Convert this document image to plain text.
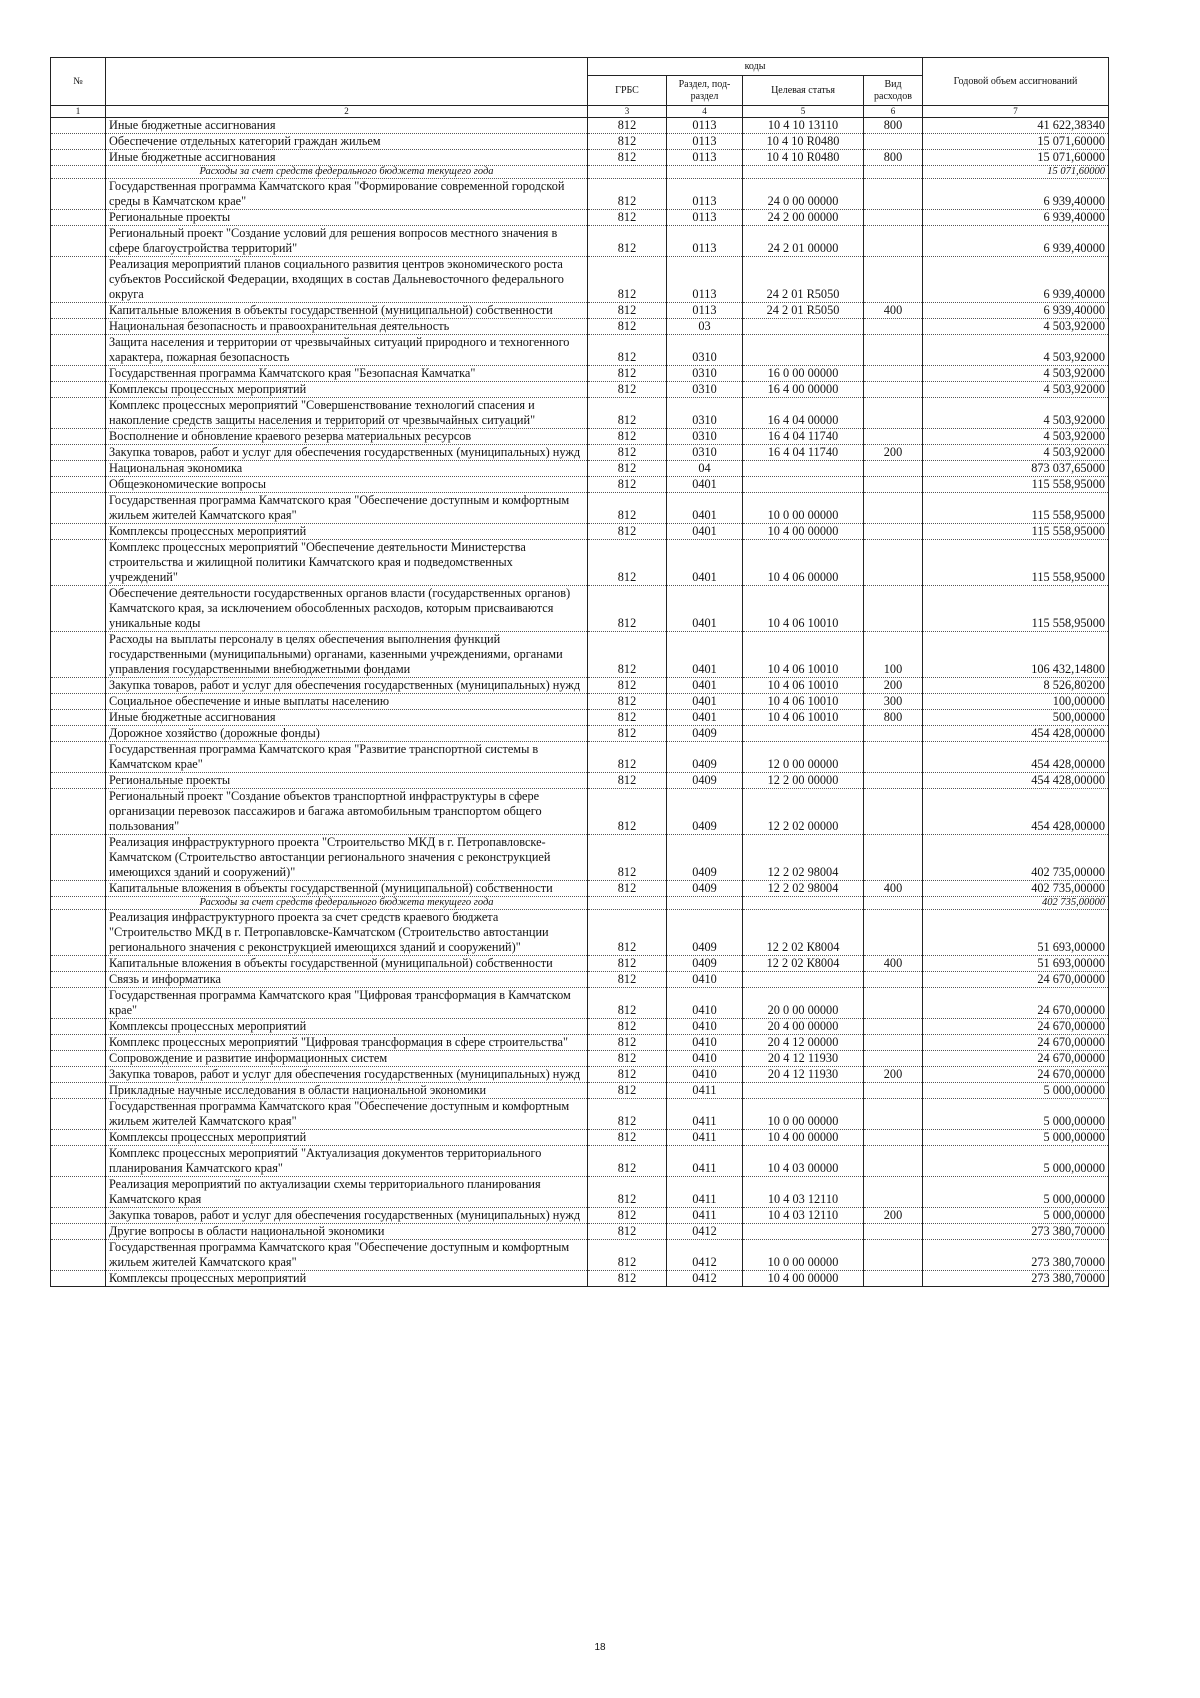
№		коды				Годовой объем ассигнований
		ГРБС	Раздел, под-раздел	Целевая статья	Вид расходов	
1	2	3	4	5	6	7
	Иные бюджетные ассигнования	812	0113	10 4 10 13110	800	41 622,38340
	Обеспечение отдельных категорий граждан жильем	812	0113	10 4 10 R0480		15 071,60000
	Иные бюджетные ассигнования	812	0113	10 4 10 R0480	800	15 071,60000
	Расходы за счет средств федерального бюджета текущего года					15 071,60000
	Государственная программа Камчатского края "Формирование современной городской среды в Камчатском крае"	812	0113	24 0 00 00000		6 939,40000
	Региональные проекты	812	0113	24 2 00 00000		6 939,40000
	Региональный проект "Создание условий для решения вопросов местного значения в сфере благоустройства территорий"	812	0113	24 2 01 00000		6 939,40000
	Реализация мероприятий планов социального развития центров экономического роста субъектов Российской Федерации, входящих в состав Дальневосточного федерального округа	812	0113	24 2 01 R5050		6 939,40000
	Капитальные вложения в объекты государственной (муниципальной) собственности	812	0113	24 2 01 R5050	400	6 939,40000
	Национальная безопасность и правоохранительная деятельность	812	03			4 503,92000
	Защита населения и территории от чрезвычайных ситуаций природного и техногенного характера, пожарная безопасность	812	0310			4 503,92000
	Государственная программа Камчатского края "Безопасная Камчатка"	812	0310	16 0 00 00000		4 503,92000
	Комплексы процессных мероприятий	812	0310	16 4 00 00000		4 503,92000
	Комплекс процессных мероприятий "Совершенствование технологий спасения и накопление средств защиты населения и территорий от чрезвычайных ситуаций"	812	0310	16 4 04 00000		4 503,92000
	Восполнение и обновление краевого резерва материальных ресурсов	812	0310	16 4 04 11740		4 503,92000
	Закупка товаров, работ и услуг для обеспечения государственных (муниципальных) нужд	812	0310	16 4 04 11740	200	4 503,92000
	Национальная экономика	812	04			873 037,65000
	Общеэкономические вопросы	812	0401			115 558,95000
	Государственная программа Камчатского края "Обеспечение доступным и комфортным жильем жителей Камчатского края"	812	0401	10 0 00 00000		115 558,95000
	Комплексы процессных мероприятий	812	0401	10 4 00 00000		115 558,95000
	Комплекс процессных мероприятий "Обеспечение деятельности Министерства строительства и жилищной политики Камчатского края и подведомственных учреждений"	812	0401	10 4 06 00000		115 558,95000
	Обеспечение деятельности государственных органов власти (государственных органов) Камчатского края, за исключением обособленных расходов, которым присваиваются уникальные коды	812	0401	10 4 06 10010		115 558,95000
	Расходы на выплаты персоналу в целях обеспечения выполнения функций государственными (муниципальными) органами, казенными учреждениями, органами управления государственными внебюджетными фондами	812	0401	10 4 06 10010	100	106 432,14800
	Закупка товаров, работ и услуг для обеспечения государственных (муниципальных) нужд	812	0401	10 4 06 10010	200	8 526,80200
	Социальное обеспечение и иные выплаты населению	812	0401	10 4 06 10010	300	100,00000
	Иные бюджетные ассигнования	812	0401	10 4 06 10010	800	500,00000
	Дорожное хозяйство (дорожные фонды)	812	0409			454 428,00000
	Государственная программа Камчатского края "Развитие транспортной системы в Камчатском крае"	812	0409	12 0 00 00000		454 428,00000
	Региональные проекты	812	0409	12 2 00 00000		454 428,00000
	Региональный проект "Создание объектов транспортной инфраструктуры в сфере организации перевозок пассажиров и багажа автомобильным транспортом общего пользования"	812	0409	12 2 02 00000		454 428,00000
	Реализация инфраструктурного проекта "Строительство МКД в г. Петропавловске-Камчатском (Строительство автостанции регионального значения с реконструкцией имеющихся зданий и сооружений)"	812	0409	12 2 02 98004		402 735,00000
	Капитальные вложения в объекты государственной (муниципальной) собственности	812	0409	12 2 02 98004	400	402 735,00000
	Расходы за счет средств федерального бюджета текущего года					402 735,00000
	Реализация инфраструктурного проекта за счет средств краевого бюджета "Строительство МКД в г. Петропавловске-Камчатском (Строительство автостанции регионального значения с реконструкцией имеющихся зданий и сооружений)"	812	0409	12 2 02 К8004		51 693,00000
	Капитальные вложения в объекты государственной (муниципальной) собственности	812	0409	12 2 02 К8004	400	51 693,00000
	Связь и информатика	812	0410			24 670,00000
	Государственная программа Камчатского края "Цифровая трансформация в Камчатском крае"	812	0410	20 0 00 00000		24 670,00000
	Комплексы процессных мероприятий	812	0410	20 4 00 00000		24 670,00000
	Комплекс процессных мероприятий "Цифровая трансформация в сфере строительства"	812	0410	20 4 12 00000		24 670,00000
	Сопровождение и развитие информационных систем	812	0410	20 4 12 11930		24 670,00000
	Закупка товаров, работ и услуг для обеспечения государственных (муниципальных) нужд	812	0410	20 4 12 11930	200	24 670,00000
	Прикладные научные исследования в области национальной экономики	812	0411			5 000,00000
	Государственная программа Камчатского края "Обеспечение доступным и комфортным жильем жителей Камчатского края"	812	0411	10 0 00 00000		5 000,00000
	Комплексы процессных мероприятий	812	0411	10 4 00 00000		5 000,00000
	Комплекс процессных мероприятий "Актуализация документов территориального планирования Камчатского края"	812	0411	10 4 03 00000		5 000,00000
	Реализация мероприятий по актуализации схемы территориального планирования Камчатского края	812	0411	10 4 03 12110		5 000,00000
	Закупка товаров, работ и услуг для обеспечения государственных (муниципальных) нужд	812	0411	10 4 03 12110	200	5 000,00000
	Другие вопросы в области национальной экономики	812	0412			273 380,70000
	Государственная программа Камчатского края "Обеспечение доступным и комфортным жильем жителей Камчатского края"	812	0412	10 0 00 00000		273 380,70000
	Комплексы процессных мероприятий	812	0412	10 4 00 00000		273 380,70000
18
